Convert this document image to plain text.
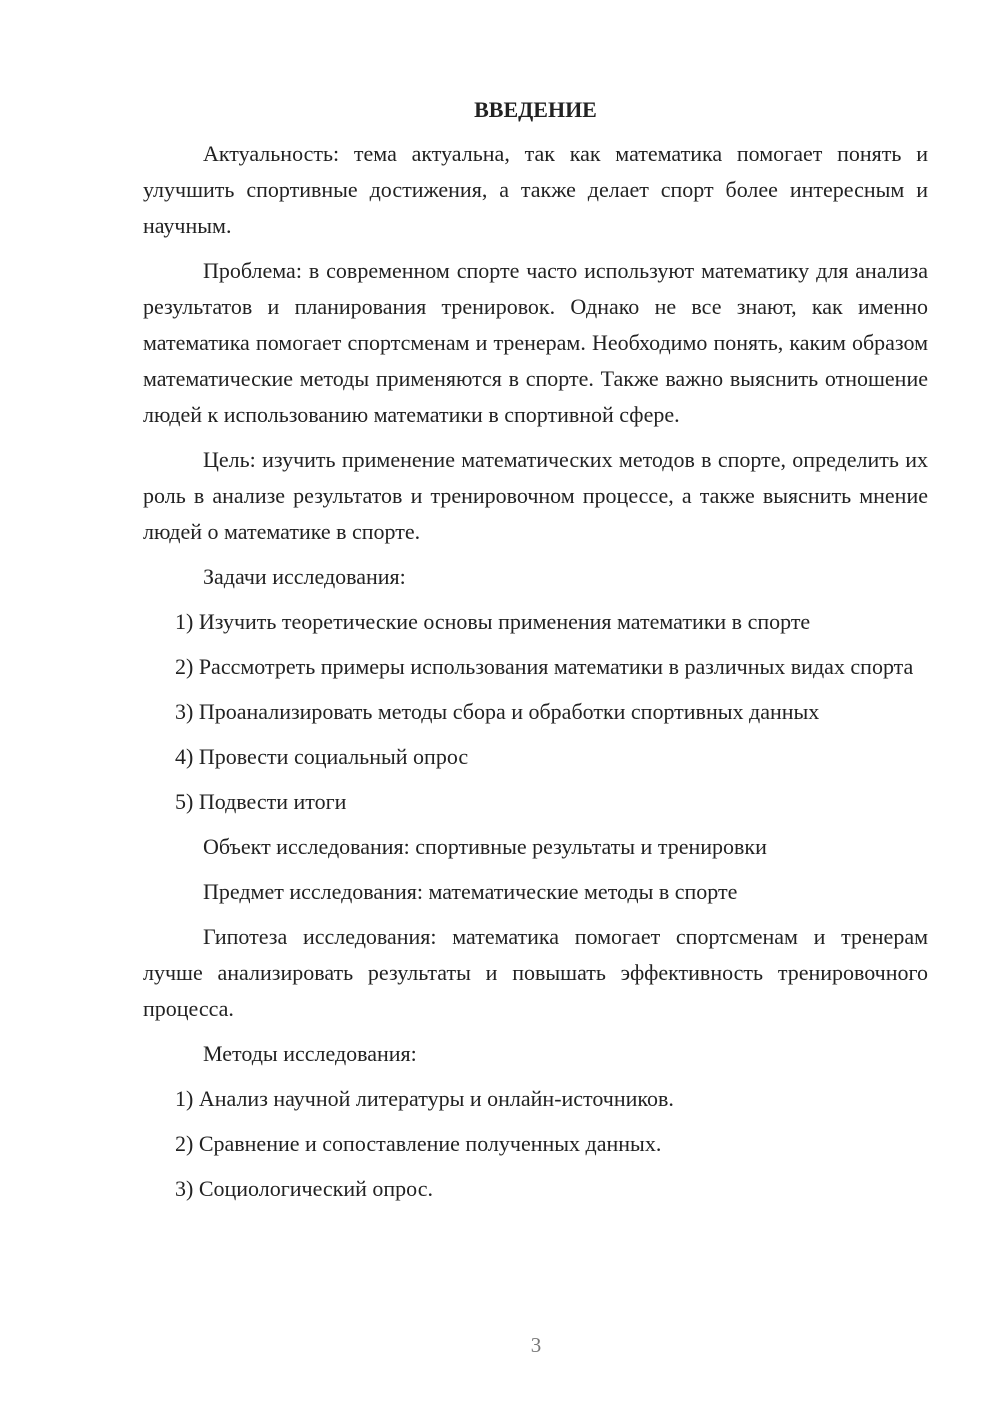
ВВЕДЕНИЕ

Актуальность: тема актуальна, так как математика помогает понять и улучшить спортивные достижения, а также делает спорт более интересным и научным.

Проблема: в современном спорте часто используют математику для анализа результатов и планирования тренировок. Однако не все знают, как именно математика помогает спортсменам и тренерам. Необходимо понять, каким образом математические методы применяются в спорте. Также важно выяснить отношение людей к использованию математики в спортивной сфере.

Цель: изучить применение математических методов в спорте, определить их роль в анализе результатов и тренировочном процессе, а также выяснить мнение людей о математике в спорте.

Задачи исследования:

1) Изучить теоретические основы применения математики в спорте

2) Рассмотреть примеры использования математики в различных видах спорта

3) Проанализировать методы сбора и обработки спортивных данных

4) Провести социальный опрос

5) Подвести итоги

Объект исследования: спортивные результаты и тренировки

Предмет исследования: математические методы в спорте

Гипотеза исследования: математика помогает спортсменам и тренерам лучше анализировать результаты и повышать эффективность тренировочного процесса.

Методы исследования:

1) Анализ научной литературы и онлайн-источников.

2) Сравнение и сопоставление полученных данных.

3) Социологический опрос.

3
